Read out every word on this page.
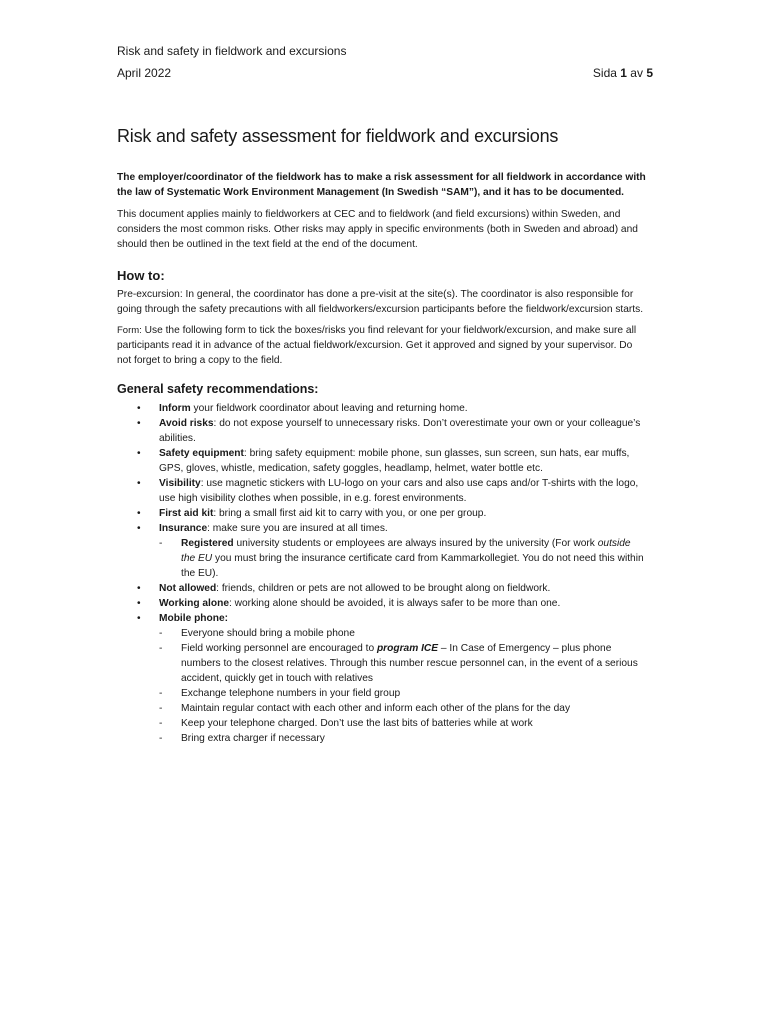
Risk and safety in fieldwork and excursions
April 2022	Sida 1 av 5
Risk and safety assessment for fieldwork and excursions

The employer/coordinator of the fieldwork has to make a risk assessment for all fieldwork in accordance with the law of Systematic Work Environment Management (In Swedish “SAM”), and it has to be documented.

This document applies mainly to fieldworkers at CEC and to fieldwork (and field excursions) within Sweden, and considers the most common risks. Other risks may apply in specific environments (both in Sweden and abroad) and should then be outlined in the text field at the end of the document.

How to:

Pre-excursion: In general, the coordinator has done a pre-visit at the site(s). The coordinator is also responsible for going through the safety precautions with all fieldworkers/excursion participants before the fieldwork/excursion starts.

Form: Use the following form to tick the boxes/risks you find relevant for your fieldwork/excursion, and make sure all participants read it in advance of the actual fieldwork/excursion. Get it approved and signed by your supervisor. Do not forget to bring a copy to the field.

General safety recommendations:
• Inform your fieldwork coordinator about leaving and returning home.
• Avoid risks: do not expose yourself to unnecessary risks. Don’t overestimate your own or your colleague’s abilities.
• Safety equipment: bring safety equipment: mobile phone, sun glasses, sun screen, sun hats, ear muffs, GPS, gloves, whistle, medication, safety goggles, headlamp, helmet, water bottle etc.
• Visibility: use magnetic stickers with LU-logo on your cars and also use caps and/or T-shirts with the logo, use high visibility clothes when possible, in e.g. forest environments.
• First aid kit: bring a small first aid kit to carry with you, or one per group.
• Insurance: make sure you are insured at all times.
- Registered university students or employees are always insured by the university (For work outside the EU you must bring the insurance certificate card from Kammarkollegiet. You do not need this within the EU).
• Not allowed: friends, children or pets are not allowed to be brought along on fieldwork.
• Working alone: working alone should be avoided, it is always safer to be more than one.
• Mobile phone:
- Everyone should bring a mobile phone
- Field working personnel are encouraged to program ICE – In Case of Emergency – plus phone numbers to the closest relatives. Through this number rescue personnel can, in the event of a serious accident, quickly get in touch with relatives
- Exchange telephone numbers in your field group
- Maintain regular contact with each other and inform each other of the plans for the day
- Keep your telephone charged. Don’t use the last bits of batteries while at work
- Bring extra charger if necessary
